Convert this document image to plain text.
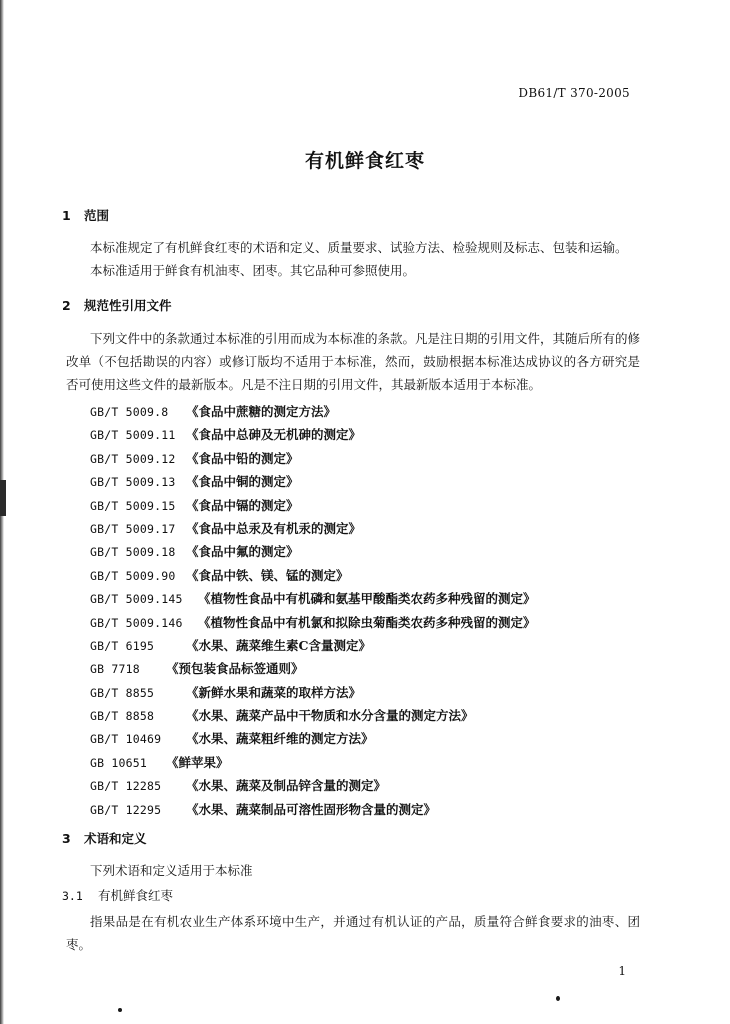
DB61/T 370-2005
有机鲜食红枣
1 范围

本标准规定了有机鲜食红枣的术语和定义、质量要求、试验方法、检验规则及标志、包装和运输。

本标准适用于鲜食有机油枣、团枣。其它品种可参照使用。

2 规范性引用文件

下列文件中的条款通过本标准的引用而成为本标准的条款。凡是注日期的引用文件，其随后所有的修改单（不包括勘误的内容）或修订版均不适用于本标准，然而，鼓励根据本标准达成协议的各方研究是否可使用这些文件的最新版本。凡是不注日期的引用文件，其最新版本适用于本标准。

GB/T 5009.8 《食品中蔗糖的测定方法》
GB/T 5009.11 《食品中总砷及无机砷的测定》
GB/T 5009.12 《食品中铅的测定》
GB/T 5009.13 《食品中铜的测定》
GB/T 5009.15 《食品中镉的测定》
GB/T 5009.17 《食品中总汞及有机汞的测定》
GB/T 5009.18 《食品中氟的测定》
GB/T 5009.90 《食品中铁、镁、锰的测定》
GB/T 5009.145 《植物性食品中有机磷和氨基甲酸酯类农药多种残留的测定》
GB/T 5009.146 《植物性食品中有机氯和拟除虫菊酯类农药多种残留的测定》
GB/T 6195	《水果、蔬菜维生素C含量测定》
GB 7718 《预包装食品标签通则》
GB/T 8855	《新鲜水果和蔬菜的取样方法》
GB/T 8858	《水果、蔬菜产品中干物质和水分含量的测定方法》
GB/T 10469 《水果、蔬菜粗纤维的测定方法》
GB 10651 《鲜苹果》
GB/T 12285 《水果、蔬菜及制品锌含量的测定》
GB/T 12295 《水果、蔬菜制品可溶性固形物含量的测定》
3 术语和定义

下列术语和定义适用于本标准

3.1 有机鲜食红枣

指果品是在有机农业生产体系环境中生产，并通过有机认证的产品，质量符合鲜食要求的油枣、团枣。

1
